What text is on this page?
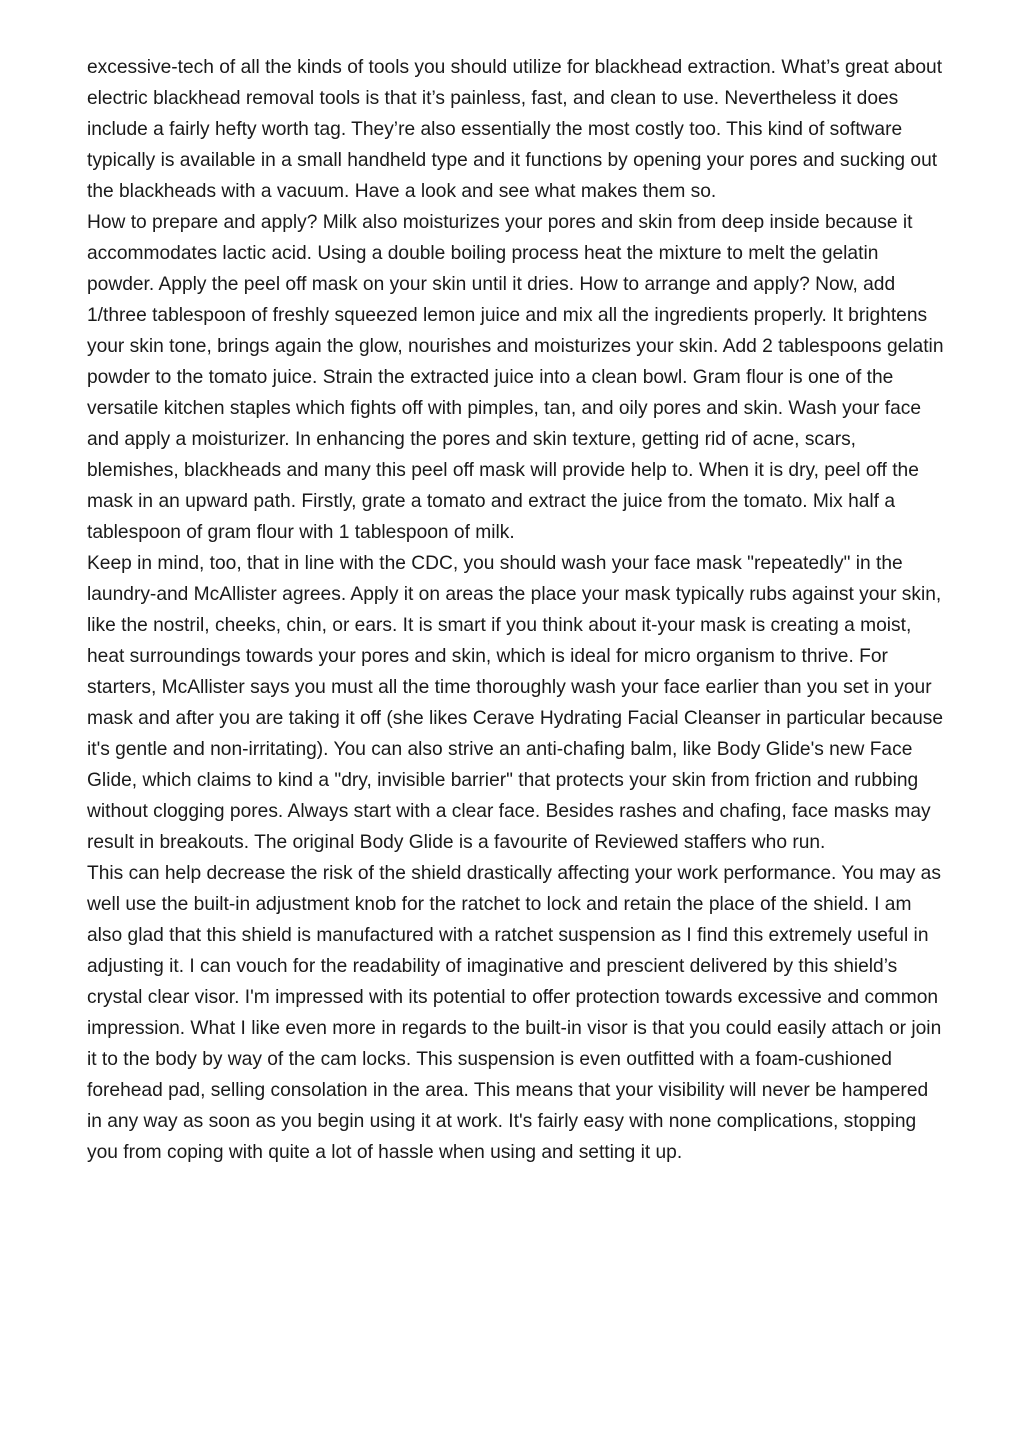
excessive-tech of all the kinds of tools you should utilize for blackhead extraction. What’s great about electric blackhead removal tools is that it’s painless, fast, and clean to use. Nevertheless it does include a fairly hefty worth tag. They’re also essentially the most costly too. This kind of software typically is available in a small handheld type and it functions by opening your pores and sucking out the blackheads with a vacuum. Have a look and see what makes them so.

How to prepare and apply? Milk also moisturizes your pores and skin from deep inside because it accommodates lactic acid. Using a double boiling process heat the mixture to melt the gelatin powder. Apply the peel off mask on your skin until it dries. How to arrange and apply? Now, add 1/three tablespoon of freshly squeezed lemon juice and mix all the ingredients properly. It brightens your skin tone, brings again the glow, nourishes and moisturizes your skin. Add 2 tablespoons gelatin powder to the tomato juice. Strain the extracted juice into a clean bowl. Gram flour is one of the versatile kitchen staples which fights off with pimples, tan, and oily pores and skin. Wash your face and apply a moisturizer. In enhancing the pores and skin texture, getting rid of acne, scars, blemishes, blackheads and many this peel off mask will provide help to. When it is dry, peel off the mask in an upward path. Firstly, grate a tomato and extract the juice from the tomato. Mix half a tablespoon of gram flour with 1 tablespoon of milk.

Keep in mind, too, that in line with the CDC, you should wash your face mask "repeatedly" in the laundry-and McAllister agrees. Apply it on areas the place your mask typically rubs against your skin, like the nostril, cheeks, chin, or ears. It is smart if you think about it-your mask is creating a moist, heat surroundings towards your pores and skin, which is ideal for micro organism to thrive. For starters, McAllister says you must all the time thoroughly wash your face earlier than you set in your mask and after you are taking it off (she likes Cerave Hydrating Facial Cleanser in particular because it's gentle and non-irritating). You can also strive an anti-chafing balm, like Body Glide's new Face Glide, which claims to kind a "dry, invisible barrier" that protects your skin from friction and rubbing without clogging pores. Always start with a clear face. Besides rashes and chafing, face masks may result in breakouts. The original Body Glide is a favourite of Reviewed staffers who run.

This can help decrease the risk of the shield drastically affecting your work performance. You may as well use the built-in adjustment knob for the ratchet to lock and retain the place of the shield. I am also glad that this shield is manufactured with a ratchet suspension as I find this extremely useful in adjusting it. I can vouch for the readability of imaginative and prescient delivered by this shield’s crystal clear visor. I'm impressed with its potential to offer protection towards excessive and common impression. What I like even more in regards to the built-in visor is that you could easily attach or join it to the body by way of the cam locks. This suspension is even outfitted with a foam-cushioned forehead pad, selling consolation in the area. This means that your visibility will never be hampered in any way as soon as you begin using it at work. It's fairly easy with none complications, stopping you from coping with quite a lot of hassle when using and setting it up.
